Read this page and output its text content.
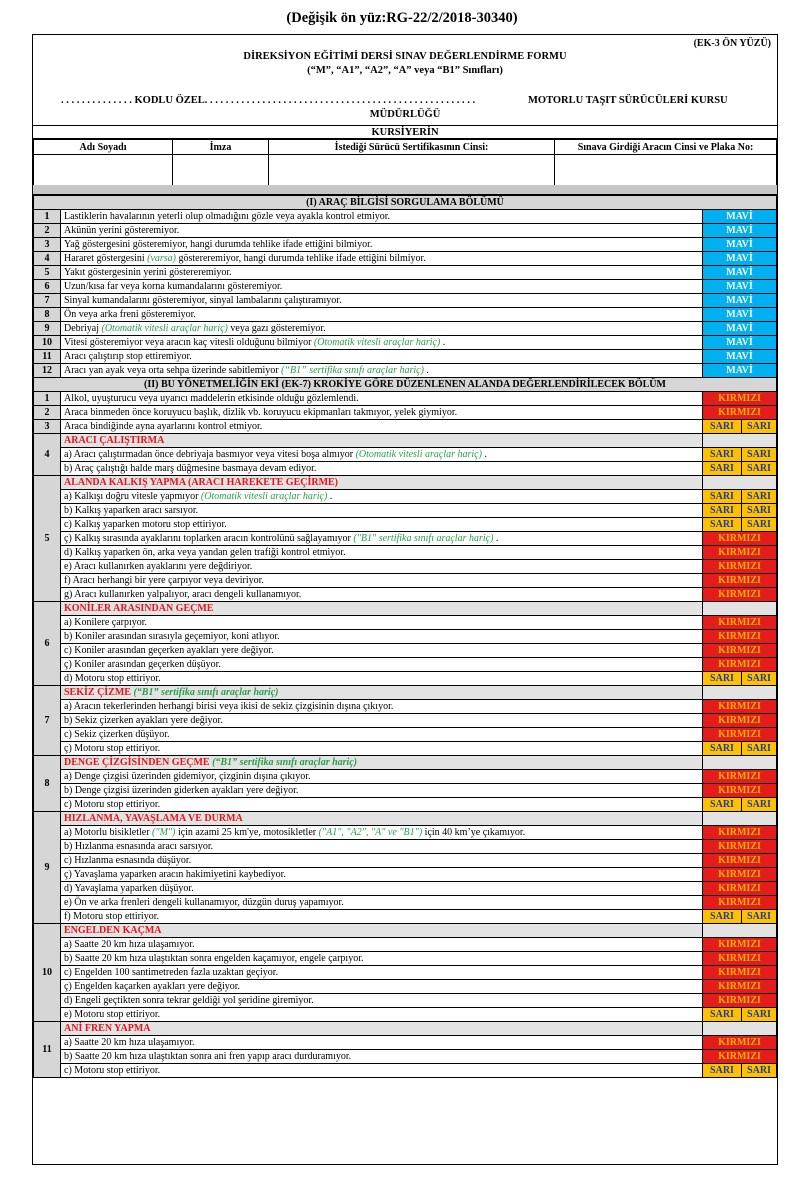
(Değişik ön yüz:RG-22/2/2018-30340)
(EK-3 ÖN YÜZÜ)
DİREKSİYON EĞİTİMİ DERSİ SINAV DEĞERLENDİRME FORMU
(“M”, “A1”, “A2”, “A” veya “B1” Sınıfları)
. . . . . . . . . . . . . . KODLU ÖZEL. . . . . . . . . . . . . . . . . . . . . . . . . . . . . . . . . . . . . . . . . . . . . . . . . . . .	MOTORLU TAŞIT SÜRÜCÜLERİ KURSU
MÜDÜRLÜĞÜ
KURSİYERİN
Adı Soyadı	İmza	İstediği Sürücü Sertifikasının Cinsi:	Sınava Girdiği Aracın Cinsi ve Plaka No:

(I) ARAÇ BİLGİSİ SORGULAMA BÖLÜMÜ			
1	Lastiklerin havalarının yeterli olup olmadığını gözle veya ayakla kontrol etmiyor.	MAVİ	
2	Akünün yerini gösteremiyor.	MAVİ	
3	Yağ göstergesini gösteremiyor, hangi durumda tehlike ifade ettiğini bilmiyor.	MAVİ	
4	Hararet göstergesini (varsa) göstereremiyor, hangi durumda tehlike ifade ettiğini bilmiyor.	MAVİ	
5	Yakıt göstergesinin yerini göstereremiyor.	MAVİ	
6	Uzun/kısa far veya korna kumandalarını gösteremiyor.	MAVİ	
7	Sinyal kumandalarını gösteremiyor, sinyal lambalarını çalıştıramıyor.	MAVİ	
8	Ön veya arka freni gösteremiyor.	MAVİ	
9	Debriyaj (Otomatik vitesli araçlar hariç) veya gazı gösteremiyor.	MAVİ	
10	Vitesi gösteremiyor veya aracın kaç vitesli olduğunu bilmiyor (Otomatik vitesli araçlar hariç) .	MAVİ	
11	Aracı çalıştırıp stop ettiremiyor.	MAVİ	
12	Aracı yan ayak veya orta sehpa üzerinde sabitlemiyor (“B1” sertifika sınıfı araçlar hariç) .	MAVİ	
(II) BU YÖNETMELİĞİN EKİ (EK-7) KROKİYE GÖRE DÜZENLENEN ALANDA DEĞERLENDİRİLECEK BÖLÜM			
1	Alkol, uyuşturucu veya uyarıcı maddelerin etkisinde olduğu gözlemlendi.	KIRMIZI	
2	Araca binmeden önce koruyucu başlık, dizlik vb. koruyucu ekipmanları takmıyor, yelek giymiyor.	KIRMIZI	
3	Araca bindiğinde ayna ayarlarını kontrol etmiyor.	SARI	SARI
4	ARACI ÇALIŞTIRMA		
	a) Aracı çalıştırmadan önce debriyaja basmıyor veya vitesi boşa almıyor (Otomatik vitesli araçlar hariç) .	SARI	SARI
	b) Araç çalıştığı halde marş düğmesine basmaya devam ediyor.	SARI	SARI
5	ALANDA KALKIŞ YAPMA (ARACI HAREKETE GEÇİRME)		
	a) Kalkışı doğru vitesle yapmıyor (Otomatik vitesli araçlar hariç) .	SARI	SARI
	b) Kalkış yaparken aracı sarsıyor.	SARI	SARI
	c) Kalkış yaparken motoru stop ettiriyor.	SARI	SARI
	ç) Kalkış sırasında ayaklarını toplarken aracın kontrolünü sağlayamıyor ("B1" sertifika sınıfı araçlar hariç) .	KIRMIZI	
	d) Kalkış yaparken ön, arka veya yandan gelen trafiği kontrol etmiyor.	KIRMIZI	
	e) Aracı kullanırken ayaklarını yere değdiriyor.	KIRMIZI	
	f) Aracı herhangi bir yere çarpıyor veya deviriyor.	KIRMIZI	
	g) Aracı kullanırken yalpalıyor, aracı dengeli kullanamıyor.	KIRMIZI	
6	KONİLER ARASINDAN GEÇME		
	a) Konilere çarpıyor.	KIRMIZI	
	b) Koniler arasından sırasıyla geçemiyor, koni atlıyor.	KIRMIZI	
	c) Koniler arasından geçerken ayakları yere değiyor.	KIRMIZI	
	ç) Koniler arasından geçerken düşüyor.	KIRMIZI	
	d) Motoru stop ettiriyor.	SARI	SARI
7	SEKİZ ÇİZME (“B1” sertifika sınıfı araçlar hariç)		
	a) Aracın tekerlerinden herhangi birisi veya ikisi de sekiz çizgisinin dışına çıkıyor.	KIRMIZI	
	b) Sekiz çizerken ayakları yere değiyor.	KIRMIZI	
	c) Sekiz çizerken düşüyor.	KIRMIZI	
	ç) Motoru stop ettiriyor.	SARI	SARI
8	DENGE ÇİZGİSİNDEN GEÇME (“B1” sertifika sınıfı araçlar hariç)		
	a) Denge çizgisi üzerinden gidemiyor, çizginin dışına çıkıyor.	KIRMIZI	
	b) Denge çizgisi üzerinden giderken ayakları yere değiyor.	KIRMIZI	
	c) Motoru stop ettiriyor.	SARI	SARI
9	HIZLANMA, YAVAŞLAMA VE DURMA		
	a) Motorlu bisikletler ("M") için azami 25 km'ye, motosikletler ("A1", "A2", "A" ve "B1") için 40 km’ye çıkamıyor.	KIRMIZI	
	b) Hızlanma esnasında aracı sarsıyor.	KIRMIZI	
	c) Hızlanma esnasında düşüyor.	KIRMIZI	
	ç) Yavaşlama yaparken aracın hakimiyetini kaybediyor.	KIRMIZI	
	d) Yavaşlama yaparken düşüyor.	KIRMIZI	
	e) Ön ve arka frenleri dengeli kullanamıyor, düzgün duruş yapamıyor.	KIRMIZI	
	f) Motoru stop ettiriyor.	SARI	SARI
10	ENGELDEN KAÇMA		
	a) Saatte 20 km hıza ulaşamıyor.	KIRMIZI	
	b) Saatte 20 km hıza ulaştıktan sonra engelden kaçamıyor, engele çarpıyor.	KIRMIZI	
	c) Engelden 100 santimetreden fazla uzaktan geçiyor.	KIRMIZI	
	ç) Engelden kaçarken ayakları yere değiyor.	KIRMIZI	
	d) Engeli geçtikten sonra tekrar geldiği yol şeridine giremiyor.	KIRMIZI	
	e) Motoru stop ettiriyor.	SARI	SARI
11	ANİ FREN YAPMA		
	a) Saatte 20 km hıza ulaşamıyor.	KIRMIZI	
	b) Saatte 20 km hıza ulaştıktan sonra ani fren yapıp aracı durduramıyor.	KIRMIZI	
	c) Motoru stop ettiriyor.	SARI	SARI
